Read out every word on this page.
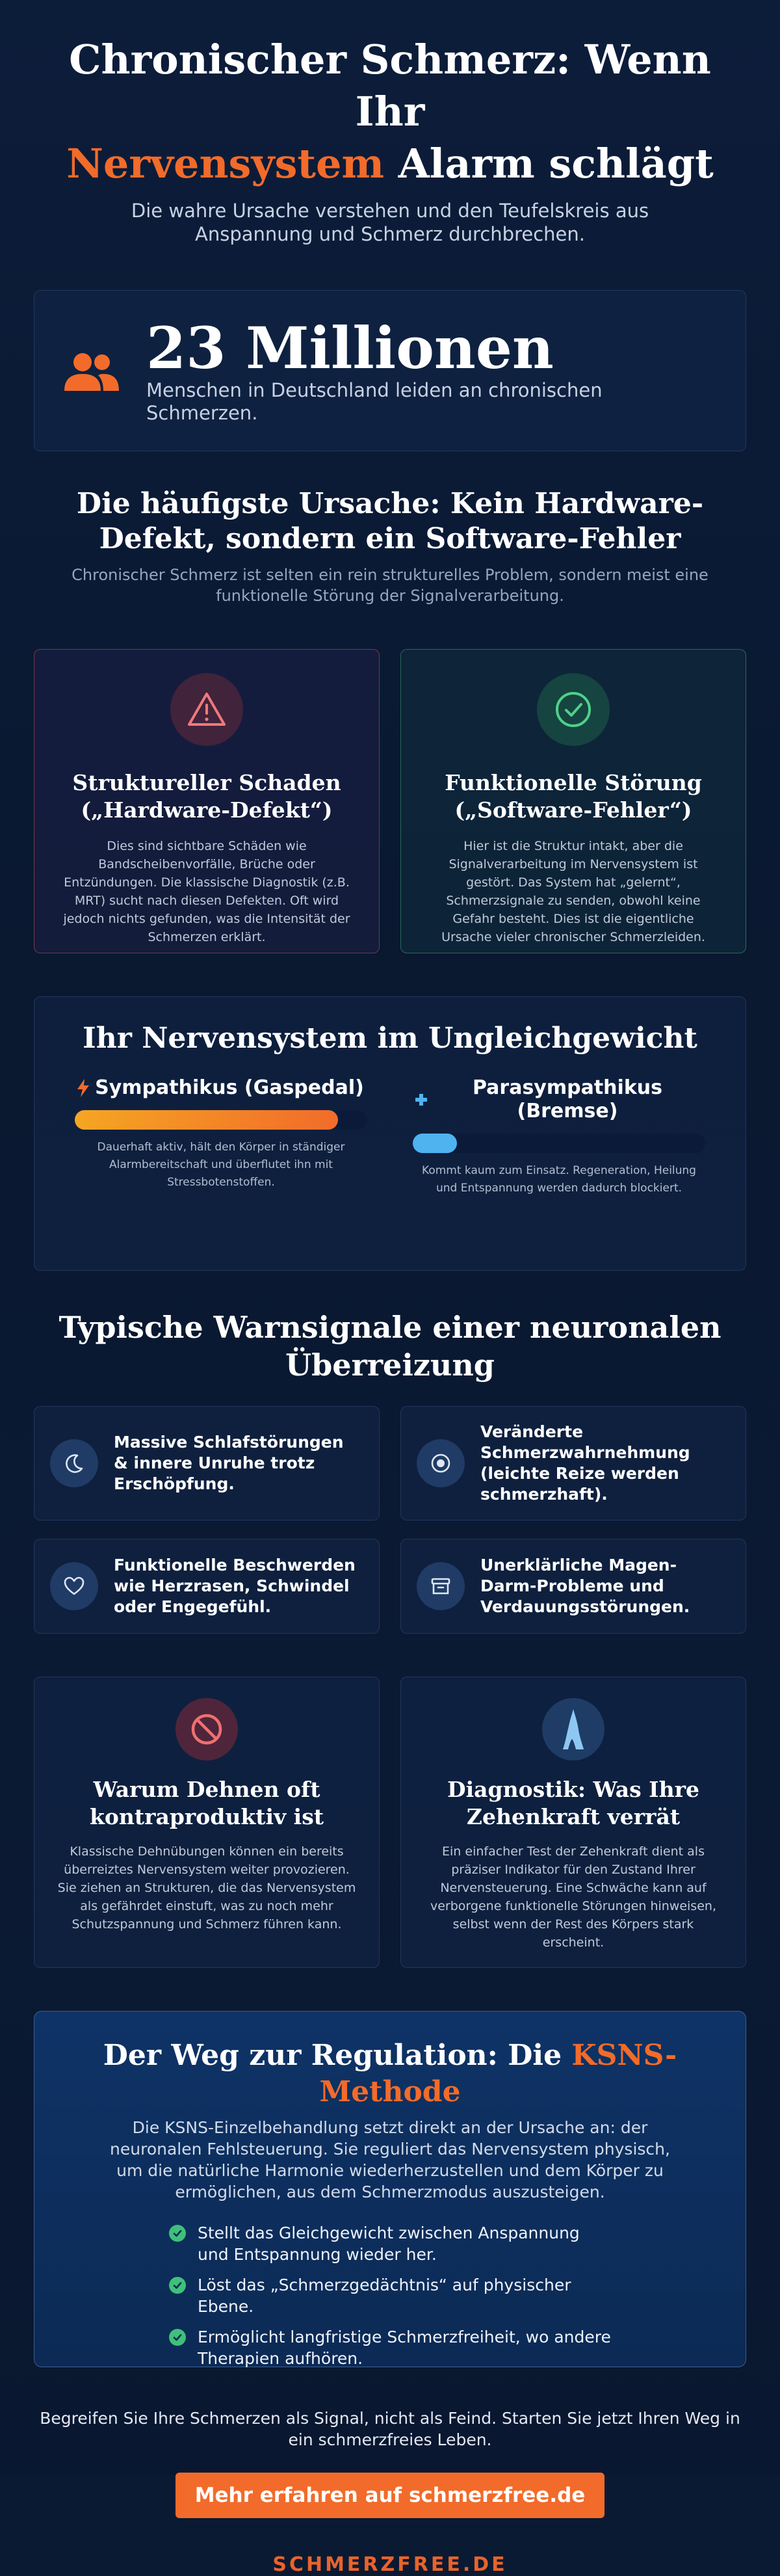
Chronischer Schmerz: Wenn Ihr
Nervensystem Alarm schlägt

Die wahre Ursache verstehen und den Teufelskreis aus Anspannung und Schmerz durchbrechen.

23 Millionen
Menschen in Deutschland leiden an chronischen Schmerzen.
Die häufigste Ursache: Kein Hardware-Defekt, sondern ein Software-Fehler

Chronischer Schmerz ist selten ein rein strukturelles Problem, sondern meist eine funktionelle Störung der Signalverarbeitung.

Struktureller Schaden („Hardware-Defekt“)

Dies sind sichtbare Schäden wie Bandscheibenvorfälle, Brüche oder Entzündungen. Die klassische Diagnostik (z.B. MRT) sucht nach diesen Defekten. Oft wird jedoch nichts gefunden, was die Intensität der Schmerzen erklärt.

Funktionelle Störung („Software-Fehler“)

Hier ist die Struktur intakt, aber die Signalverarbeitung im Nervensystem ist gestört. Das System hat „gelernt“, Schmerzsignale zu senden, obwohl keine Gefahr besteht. Dies ist die eigentliche Ursache vieler chronischer Schmerzleiden.

Ihr Nervensystem im Ungleichgewicht
Sympathikus (Gaspedal)

Dauerhaft aktiv, hält den Körper in ständiger Alarmbereitschaft und überflutet ihn mit Stressbotenstoffen.

Parasympathikus (Bremse)

Kommt kaum zum Einsatz. Regeneration, Heilung und Entspannung werden dadurch blockiert.

Typische Warnsignale einer neuronalen Überreizung
Massive Schlafstörungen & innere Unruhe trotz Erschöpfung.
Veränderte Schmerzwahrnehmung (leichte Reize werden schmerzhaft).
Funktionelle Beschwerden wie Herzrasen, Schwindel oder Engegefühl.
Unerklärliche Magen-Darm-Probleme und Verdauungsstörungen.
Warum Dehnen oft kontraproduktiv ist

Klassische Dehnübungen können ein bereits überreiztes Nervensystem weiter provozieren. Sie ziehen an Strukturen, die das Nervensystem als gefährdet einstuft, was zu noch mehr Schutzspannung und Schmerz führen kann.

Diagnostik: Was Ihre Zehenkraft verrät

Ein einfacher Test der Zehenkraft dient als präziser Indikator für den Zustand Ihrer Nervensteuerung. Eine Schwäche kann auf verborgene funktionelle Störungen hinweisen, selbst wenn der Rest des Körpers stark erscheint.

Der Weg zur Regulation: Die KSNS-Methode

Die KSNS-Einzelbehandlung setzt direkt an der Ursache an: der neuronalen Fehlsteuerung. Sie reguliert das Nervensystem physisch, um die natürliche Harmonie wiederherzustellen und dem Körper zu ermöglichen, aus dem Schmerzmodus auszusteigen.

Stellt das Gleichgewicht zwischen Anspannung und Entspannung wieder her.
Löst das „Schmerzgedächtnis“ auf physischer Ebene.
Ermöglicht langfristige Schmerzfreiheit, wo andere Therapien aufhören.

Begreifen Sie Ihre Schmerzen als Signal, nicht als Feind. Starten Sie jetzt Ihren Weg in ein schmerzfreies Leben.

Mehr erfahren auf schmerzfree.de
SCHMERZFREE.DE
